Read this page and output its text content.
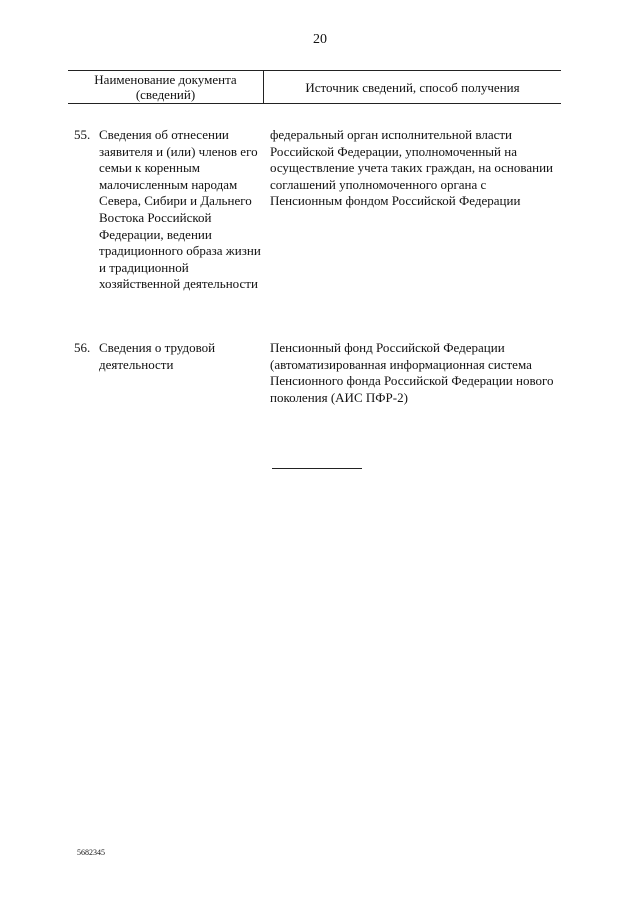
20
Наименование документа (сведений)	Источник сведений, способ получения
55. Сведения об отнесении заявителя и (или) членов его семьи к коренным малочисленным народам Севера, Сибири и Дальнего Востока Российской Федерации, ведении традиционного образа жизни и традиционной хозяйственной деятельности
федеральный орган исполнительной власти Российской Федерации, уполномоченный на осуществление учета таких граждан, на основании соглашений уполномоченного органа с Пенсионным фондом Российской Федерации
56. Сведения о трудовой деятельности
Пенсионный фонд Российской Федерации (автоматизированная информационная система Пенсионного фонда Российской Федерации нового поколения (АИС ПФР-2)
5682345
